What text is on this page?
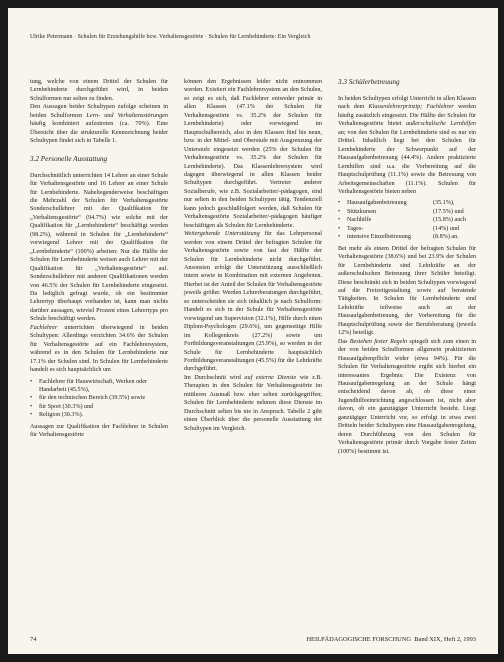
Ulrike Petermann · Schulen für Erziehungshilfe bzw. Verhaltensgestörte · Schulen für Lernbehinderte: Ein Vergleich

tung, welche von einem Drittel der Schulen für Lernbehinderte durchgeführt wird, in beiden Schulformen nur selten zu finden.

Den Aussagen beider Schultypen zufolge scheinen in beiden Schulformen Lern- und Verhaltensstörungen häufig kombiniert aufzutreten (ca. 70%). Eine Übersicht über die strukturelle Kennzeichnung beider Schultypen findet sich in Tabelle 1.

3.2 Personelle Ausstattung

Durchschnittlich unterrichten 14 Lehrer an einer Schule für Verhaltensgestörte und 16 Lehrer an einer Schule für Lernbehinderte. Naheliegenderweise beschäftigen die Mehrzahl der Schulen für Verhaltensgestörte Sonderschullehrer mit der Qualifikation für „Verhaltensgestörte“ (94.7%) wie solche mit der Qualifikation für „Lernbehinderte“ beschäftigt werden (98.2%), während in Schulen für „Lernbehinderte“ vorwiegend Lehrer mit der Qualifikation für „Lernbehinderte“ (100%) arbeiten: Nur die Hälfte der Schulen für Lernbehinderte weisen auch Lehrer mit der Qualifikation für „Verhaltensgestörte“ auf. Sonderschullehrer mit anderen Qualifikationen werden von 46.5% der Schulen für Lernbehinderte eingesetzt. Da lediglich gefragt wurde, ob ein bestimmter Lehrertyp überhaupt vorhanden ist, kann man nichts darüber aussagen, wieviel Prozent eines Lehrertyps pro Schule beschäftigt werden.

Fachlehrer unterrichten überwiegend in beiden Schultypen: Allerdings verzichten 34.6% der Schulen für Verhaltensgestörte auf ein Fachlehrersystem, während es in den Schulen für Lernbehinderte nur 17.1% der Schulen sind. In Schulen für Lernbehinderte handelt es sich hauptsächlich um

• Fachlehrer für Hauswirtschaft, Werken oder Handarbeit (45.5%),
• für den technischen Bereich (39.5%) sowie
• für Sport (30.3%) und
• Religion (30.3%).

Aussagen zur Qualifikation der Fachlehrer in Schulen für Verhaltensgestörte

können den Ergebnissen leider nicht entnommen werden. Existiert ein Fachlehrersystem an den Schulen, so zeigt es sich, daß Fachlehrer entweder primär in allen Klassen (47.1% der Schulen für Verhaltensgestörte vs. 35.2% der Schulen für Lernbehinderte) oder vorwiegend im Hauptschulbereich, also in den Klassen fünf bis neun, bzw. in der Mittel- und Oberstufe mit Ausgrenzung der Unterstufe eingesetzt werden (25% der Schulen für Verhaltensgestörte vs. 35.2% der Schulen für Lernbehinderte). Das Klassenlehrersystem wird dagegen überwiegend in allen Klassen beider Schultypen durchgeführt. Vertreter anderer Sozialberufe, wie z.B. Sozialarbeiter/-pädagogen, sind nur selten in den beiden Schultypen tätig. Tendenziell kann jedoch geschlußfolgert werden, daß Schulen für Verhaltensgestörte Sozialarbeiter/-pädagogen häufiger beschäftigen als Schulen für Lernbehinderte.

Weitergehende Unterstützung für das Lehrpersonal werden von einem Drittel der befragten Schulen für Verhaltensgestörte sowie von fast der Hälfte der Schulen für Lernbehinderte nicht durchgeführt. Ansonsten erfolgt die Unterstützung ausschließlich intern sowie in Kombination mit externen Angeboten. Hierbei ist der Anteil der Schulen für Verhaltensgestörte jeweils größer. Werden Lehrerberatungen durchgeführt, so unterscheiden sie sich inhaltlich je nach Schulform: Handelt es sich in der Schule für Verhaltensgestörte vorwiegend um Supervision (32.1%), Hilfe durch einen Diplom-Psychologen (29.6%), um gegenseitige Hilfe im Kollegenkreis (27.2%) sowie um Fortbildungsveranstaltungen (25.9%), so werden in der Schule für Lernbehinderte hauptsächlich Fortbildungsveranstaltungen (45.5%) für die Lehrkräfte durchgeführt.

Im Durchschnitt wird auf externe Dienste wie z.B. Therapien in den Schulen für Verhaltensgestörte im mittleren Ausmaß bzw. eher selten zurückgegriffen; Schulen für Lernbehinderte nehmen diese Dienste im Durchschnitt selten bis nie in Anspruch. Tabelle 2 gibt einen Überblick über die personelle Ausstattung der Schultypen im Vergleich.

3.3 Schülerbetreuung

In beiden Schultypen erfolgt Unterricht in allen Klassen nach dem Klassenlehrerprinzip; Fachlehrer werden häufig zusätzlich eingesetzt. Die Hälfte der Schulen für Verhaltensgestörte bietet außerschulische Lernhilfen an; von den Schulen für Lernbehinderte sind es nur ein Drittel. Inhaltlich liegt bei den Schulen für Lernbehinderte der Schwerpunkt auf der Hausaufgabenbetreuung (44.4%). Andere praktizierte Lernhilfen sind u.a. die Vorbereitung auf die Hauptschulprüfung (11.1%) sowie die Betreuung von Arbeitsgemeinschaften (11.1%). Schulen für Verhaltensgestörte bieten neben

• Hausaufgabenbetreuung	(35.1%),
• Stützkursen	(17.5%) und
• Nachhilfe	(15.8%) auch
• Tages-	(14%) und
• intensive Einzelbetreuung	(8.8%) an.

Bei mehr als einem Drittel der befragten Schulen für Verhaltensgestörte (38.6%) und bei 23.9% der Schulen für Lernbehinderte sind Lehrkräfte an der außerschulischen Betreuung ihrer Schüler beteiligt. Diese beschränkt sich in beiden Schultypen vorwiegend auf die Freizeitgestaltung sowie auf beratende Tätigkeiten. In Schulen für Lernbehinderte sind Lehrkräfte teilweise auch an der Hausaufgabenbetreuung, der Vorbereitung für die Hauptschulprüfung sowie der Berufsberatung (jeweils 12%) beteiligt.

Das Bestehen fester Regeln spiegelt sich zum einen in der von beiden Schulformen allgemein praktizierten Hausaufgabenpflicht wider (etwa 94%). Für die Schulen für Verhaltensgestörte ergibt sich hierbei ein interessantes Ergebnis: Die Existenz von Hausaufgabenregelung an der Schule hängt entscheidend davon ab, ob diese einer Jugendhilfeeinrichtung angeschlossen ist, nicht aber davon, ob ein ganztägiger Unterricht besteht. Liegt ganztägiger Unterricht vor, so erfolgt in etwa zwei Dritteln beider Schultypen eine Hausaufgabenregelung, deren Durchführung von den Schulen für Verhaltensgestörte primär durch Vorgabe fester Zeiten (100%) bestimmt ist.

74	HEILPÄDAGOGISCHE FORSCHUNG Band XIX, Heft 2, 1993
